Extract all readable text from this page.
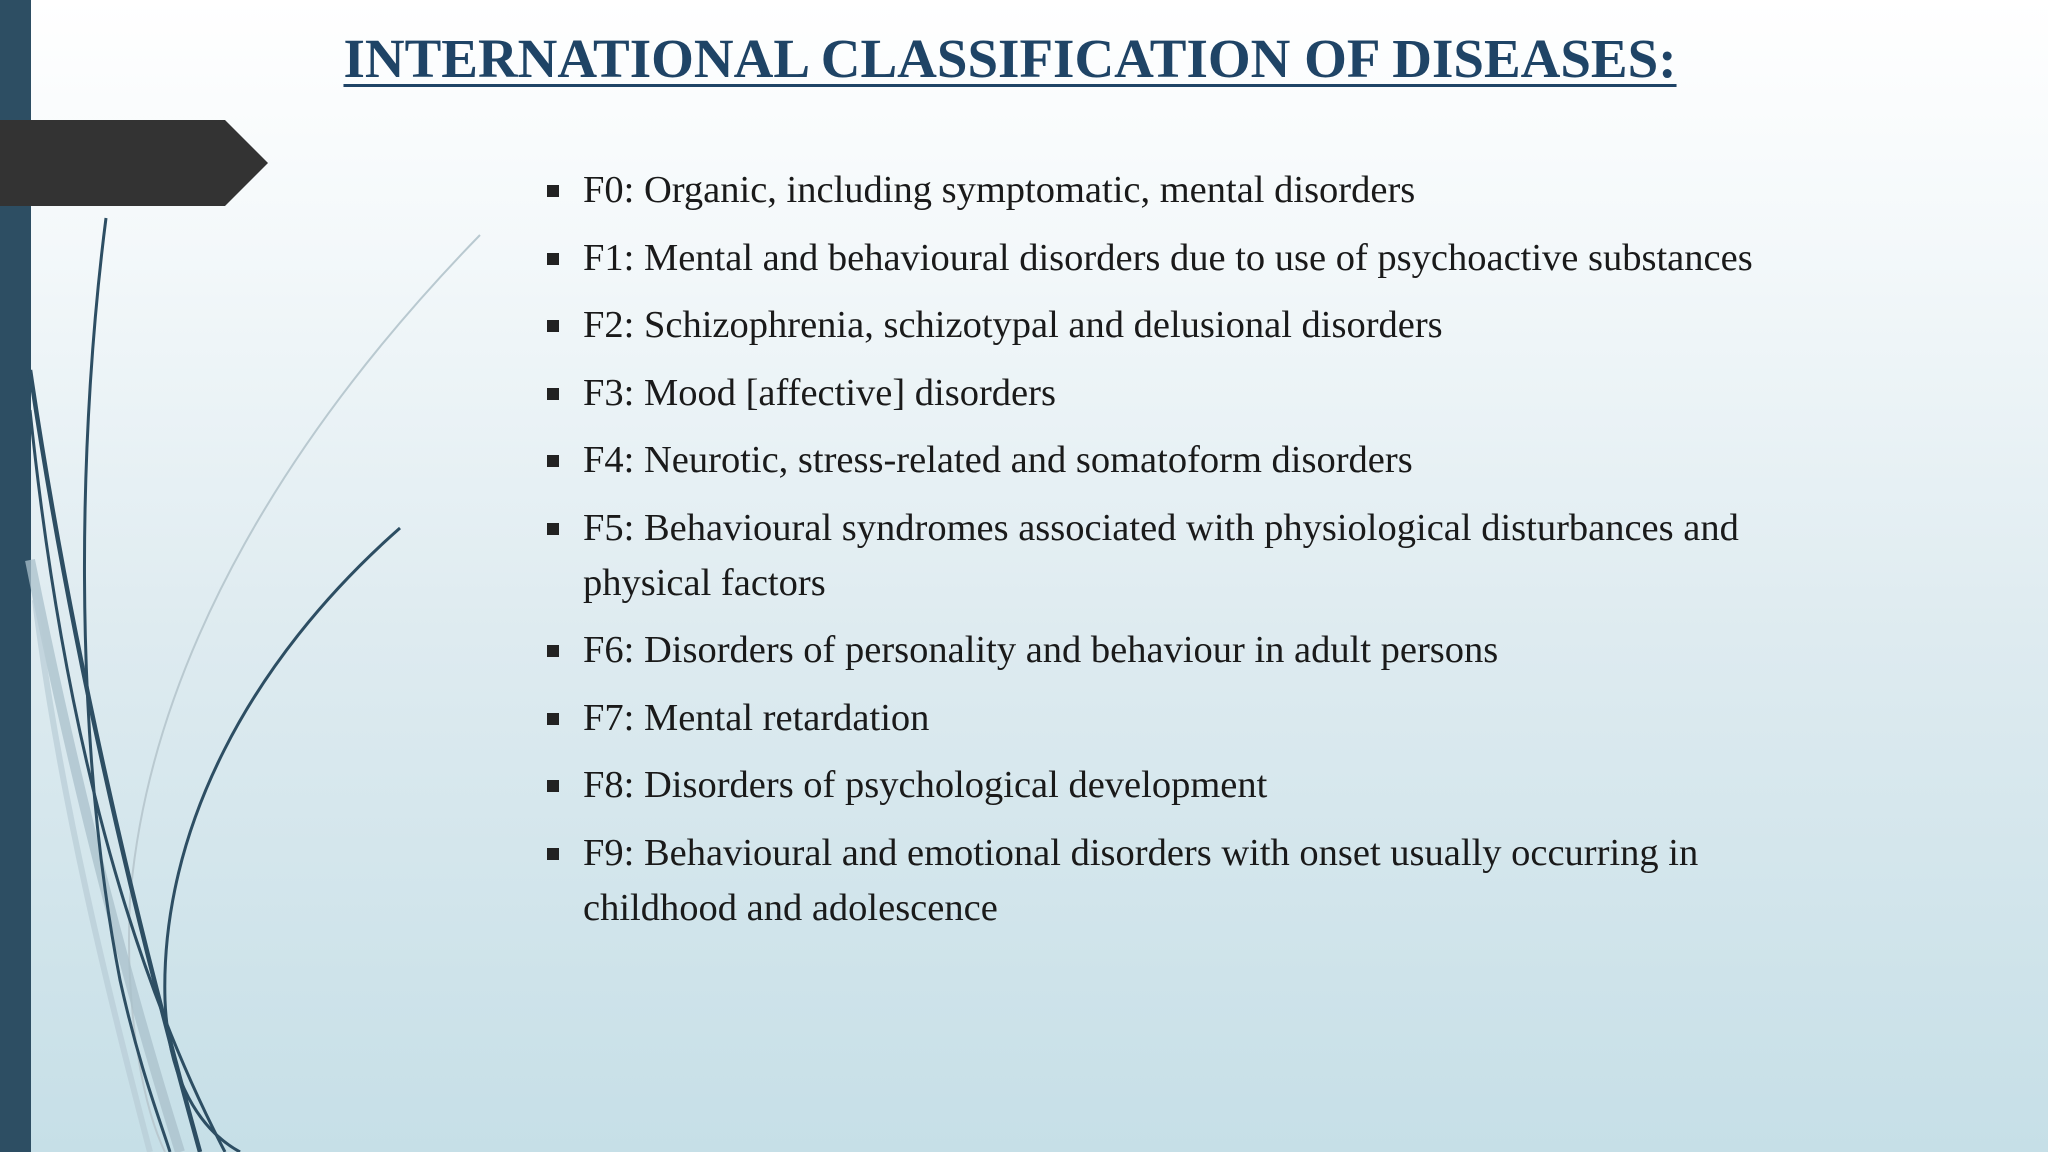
INTERNATIONAL CLASSIFICATION OF DISEASES:
F0: Organic, including symptomatic, mental disorders
F1: Mental and behavioural disorders due to use of psychoactive substances
F2: Schizophrenia, schizotypal and delusional disorders
F3: Mood [affective] disorders
F4: Neurotic, stress-related and somatoform disorders
F5: Behavioural syndromes associated with physiological disturbances and physical factors
F6: Disorders of personality and behaviour in adult persons
F7: Mental retardation
F8: Disorders of psychological development
F9: Behavioural and emotional disorders with onset usually occurring in childhood and adolescence
